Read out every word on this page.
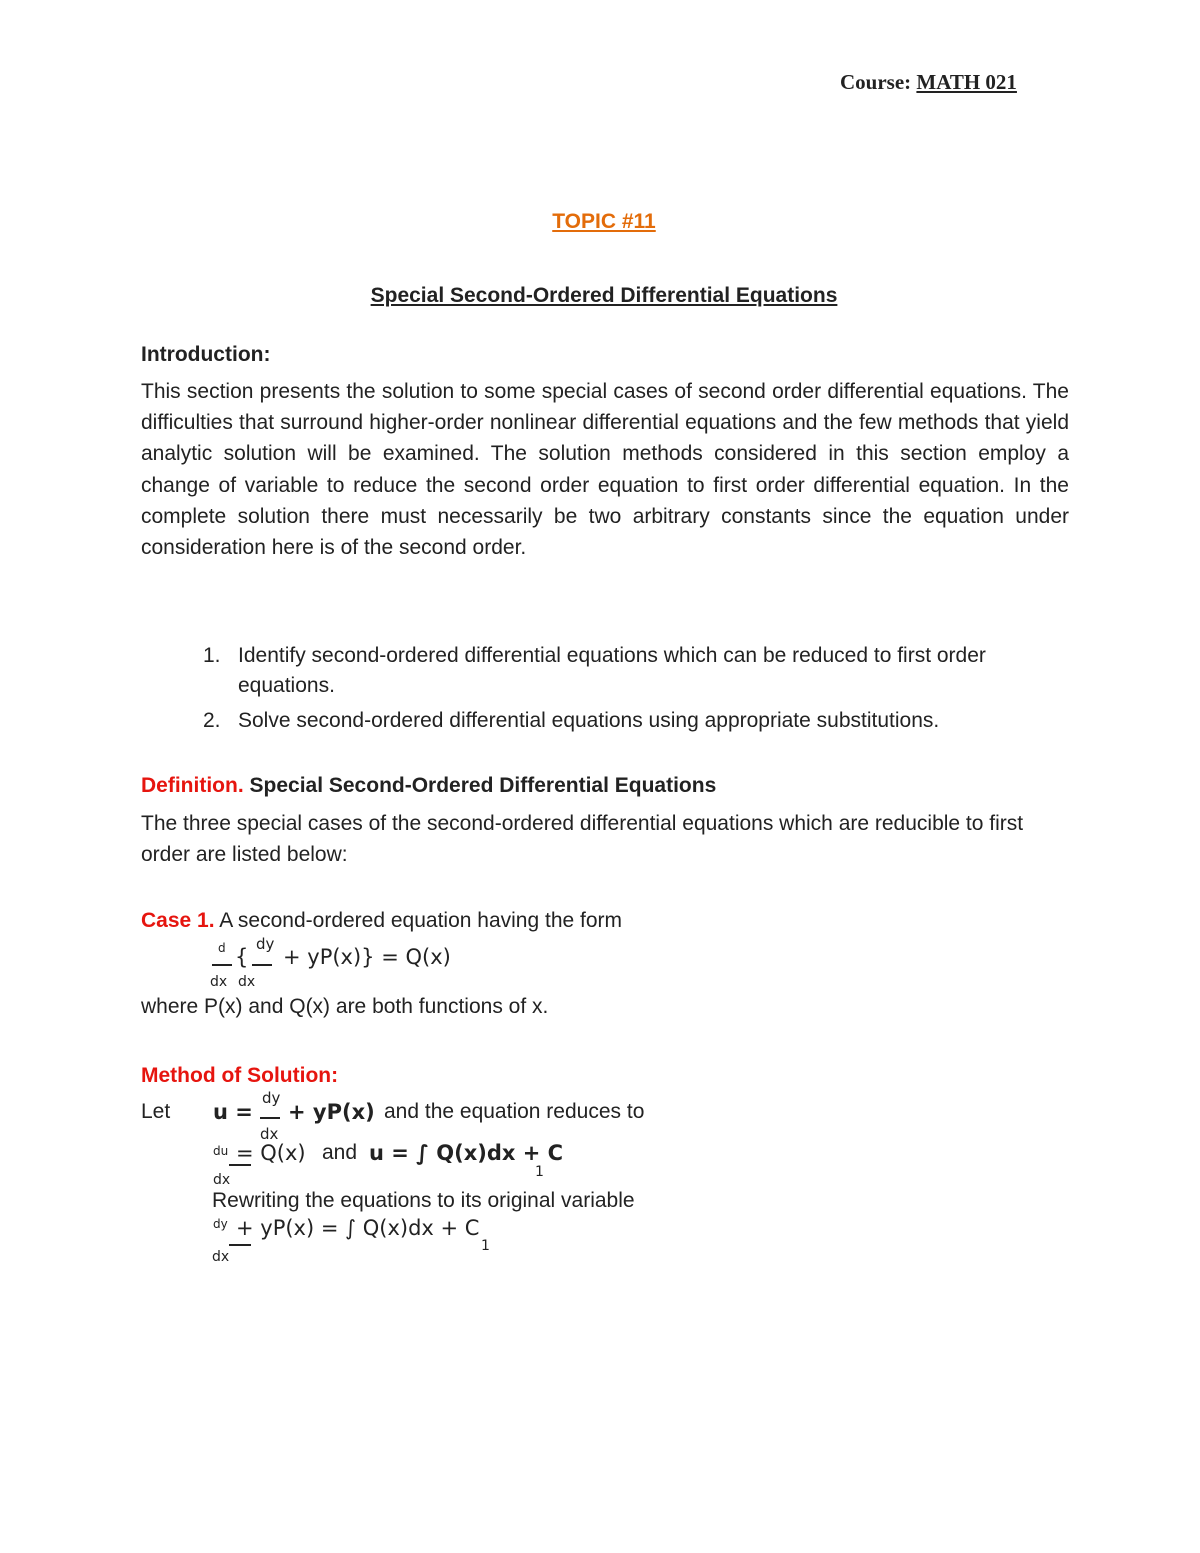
Course: MATH 021
TOPIC #11
Special Second-Ordered Differential Equations
Introduction:

This section presents the solution to some special cases of second order differential equations. The difficulties that surround higher-order nonlinear differential equations and the few methods that yield analytic solution will be examined. The solution methods considered in this section employ a change of variable to reduce the second order equation to first order differential equation. In the complete solution there must necessarily be two arbitrary constants since the equation under consideration here is of the second order.

1. Identify second-ordered differential equations which can be reduced to first order equations.
2. Solve second-ordered differential equations using appropriate substitutions.
Definition. Special Second-Ordered Differential Equations

The three special cases of the second-ordered differential equations which are reducible to first order are listed below:

Case 1. A second-ordered equation having the form
d
dx
{
dy
dx
+ yP(x)} = Q(x)
where P(x) and Q(x) are both functions of x.
Method of Solution:
Let u =
dy
dx
+ yP(x) and the equation reduces to
du
dx
= Q(x) and u = ∫ Q(x)dx + C
1
Rewriting the equations to its original variable
dy
dx
+ yP(x) = ∫ Q(x)dx + C
1
